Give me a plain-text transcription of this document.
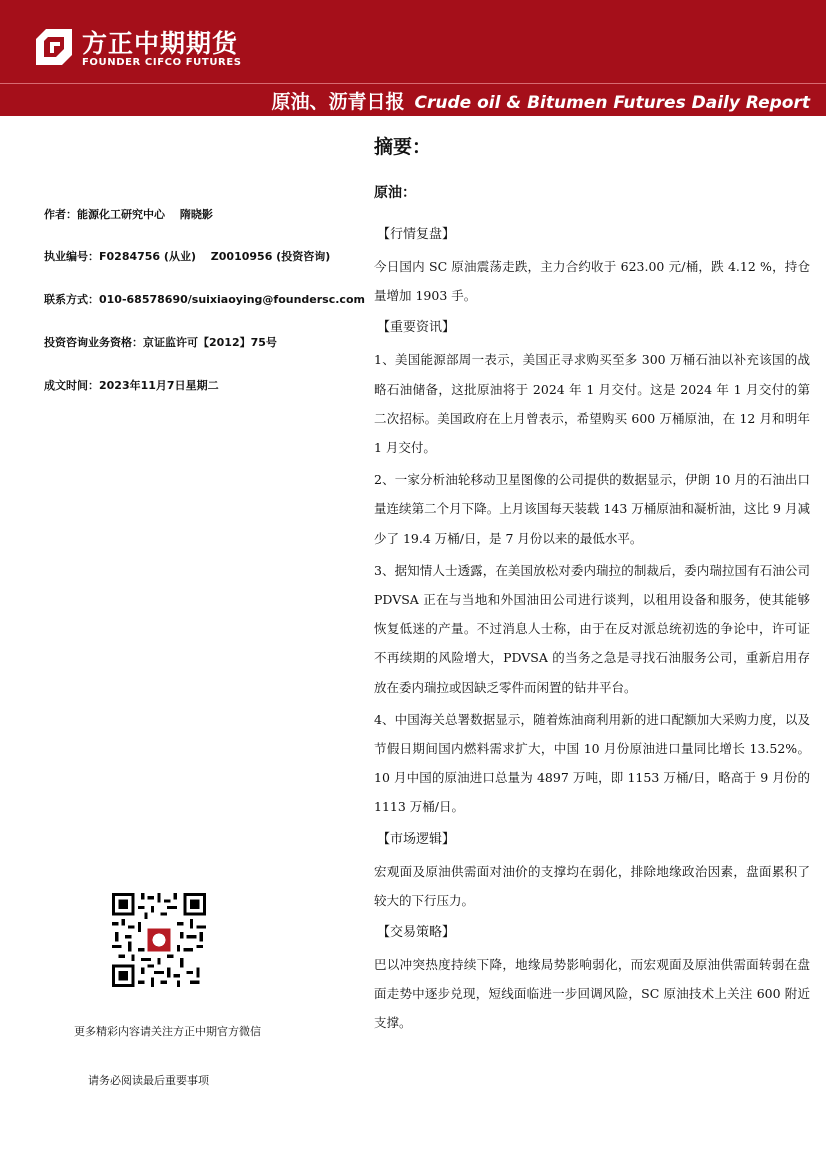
方正中期期货
FOUNDER CIFCO FUTURES
原油、沥青日报 Crude oil & Bitumen Futures Daily Report
作者：能源化工研究中心　 隋晓影
执业编号：F0284756 (从业)　 Z0010956 (投资咨询)
联系方式：010-68578690/suixiaoying@foundersc.com
投资咨询业务资格：京证监许可【2012】75号
成文时间：2023年11月7日星期二
更多精彩内容请关注方正中期官方微信
请务必阅读最后重要事项
摘要：
原油：
【行情复盘】

今日国内 SC 原油震荡走跌，主力合约收于 623.00 元/桶，跌 4.12 %，持仓量增加 1903 手。

【重要资讯】

1、美国能源部周一表示，美国正寻求购买至多 300 万桶石油以补充该国的战略石油储备，这批原油将于 2024 年 1 月交付。这是 2024 年 1 月交付的第二次招标。美国政府在上月曾表示，希望购买 600 万桶原油，在 12 月和明年 1 月交付。

2、一家分析油轮移动卫星图像的公司提供的数据显示，伊朗 10 月的石油出口量连续第二个月下降。上月该国每天装载 143 万桶原油和凝析油，这比 9 月减少了 19.4 万桶/日，是 7 月份以来的最低水平。

3、据知情人士透露，在美国放松对委内瑞拉的制裁后，委内瑞拉国有石油公司 PDVSA 正在与当地和外国油田公司进行谈判，以租用设备和服务，使其能够恢复低迷的产量。不过消息人士称，由于在反对派总统初选的争论中，许可证不再续期的风险增大，PDVSA 的当务之急是寻找石油服务公司，重新启用存放在委内瑞拉或因缺乏零件而闲置的钻井平台。

4、中国海关总署数据显示，随着炼油商利用新的进口配额加大采购力度，以及节假日期间国内燃料需求扩大，中国 10 月份原油进口量同比增长 13.52%。10 月中国的原油进口总量为 4897 万吨，即 1153 万桶/日，略高于 9 月份的 1113 万桶/日。

【市场逻辑】

宏观面及原油供需面对油价的支撑均在弱化，排除地缘政治因素，盘面累积了较大的下行压力。

【交易策略】

巴以冲突热度持续下降，地缘局势影响弱化，而宏观面及原油供需面转弱在盘面走势中逐步兑现，短线面临进一步回调风险，SC 原油技术上关注 600 附近支撑。
